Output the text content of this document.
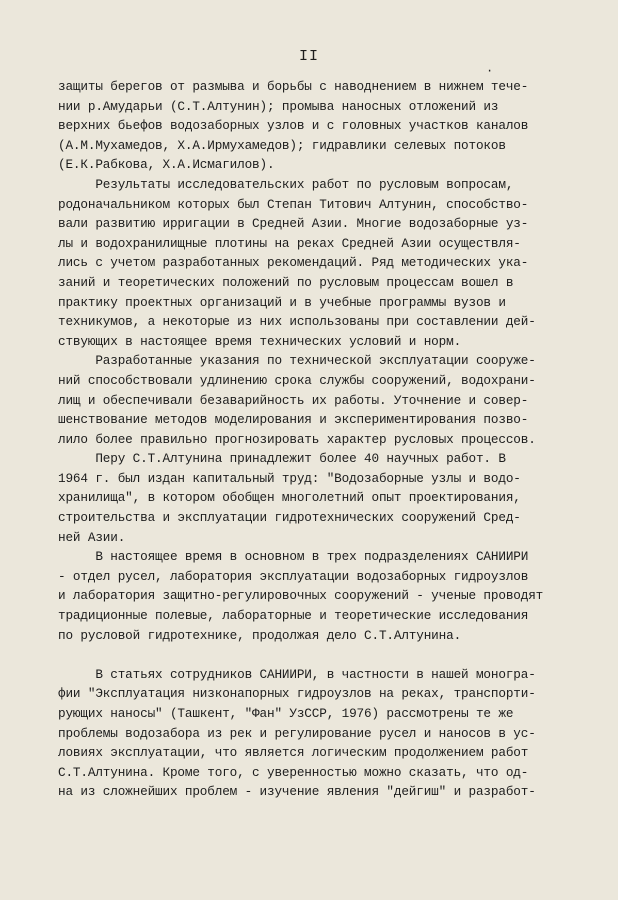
II
·
защиты берегов от размыва и борьбы с наводнением в нижнем тече-
нии р.Амударьи (С.Т.Алтунин); промыва наносных отложений из
верхних бьефов водозаборных узлов и с головных участков каналов
(А.М.Мухамедов, Х.А.Ирмухамедов); гидравлики селевых потоков
(Е.К.Рабкова, Х.А.Исмагилов).
Результаты исследовательских работ по русловым вопросам,
родоначальником которых был Степан Титович Алтунин, способство-
вали развитию ирригации в Средней Азии. Многие водозаборные уз-
лы и водохранилищные плотины на реках Средней Азии осуществля-
лись с учетом разработанных рекомендаций. Ряд методических ука-
заний и теоретических положений по русловым процессам вошел в
практику проектных организаций и в учебные программы вузов и
техникумов, а некоторые из них использованы при составлении дей-
ствующих в настоящее время технических условий и норм.
Разработанные указания по технической эксплуатации сооруже-
ний способствовали удлинению срока службы сооружений, водохрани-
лищ и обеспечивали безаварийность их работы. Уточнение и совер-
шенствование методов моделирования и экспериментирования позво-
лило более правильно прогнозировать характер русловых процессов.
Перу С.Т.Алтунина принадлежит более 40 научных работ. В
1964 г. был издан капитальный труд: "Водозаборные узлы и водо-
хранилища", в котором обобщен многолетний опыт проектирования,
строительства и эксплуатации гидротехнических сооружений Сред-
ней Азии.
В настоящее время в основном в трех подразделениях САНИИРИ
- отдел русел, лаборатория эксплуатации водозаборных гидроузлов
и лаборатория защитно-регулировочных сооружений - ученые проводят
традиционные полевые, лабораторные и теоретические исследования
по русловой гидротехнике, продолжая дело С.Т.Алтунина.
В статьях сотрудников САНИИРИ, в частности в нашей моногра-
фии "Эксплуатация низконапорных гидроузлов на реках, транспорти-
рующих наносы" (Ташкент, "Фан" УзССР, 1976) рассмотрены те же
проблемы водозабора из рек и регулирование русел и наносов в ус-
ловиях эксплуатации, что является логическим продолжением работ
С.Т.Алтунина. Кроме того, с уверенностью можно сказать, что од-
на из сложнейших проблем - изучение явления "дейгиш" и разработ-
